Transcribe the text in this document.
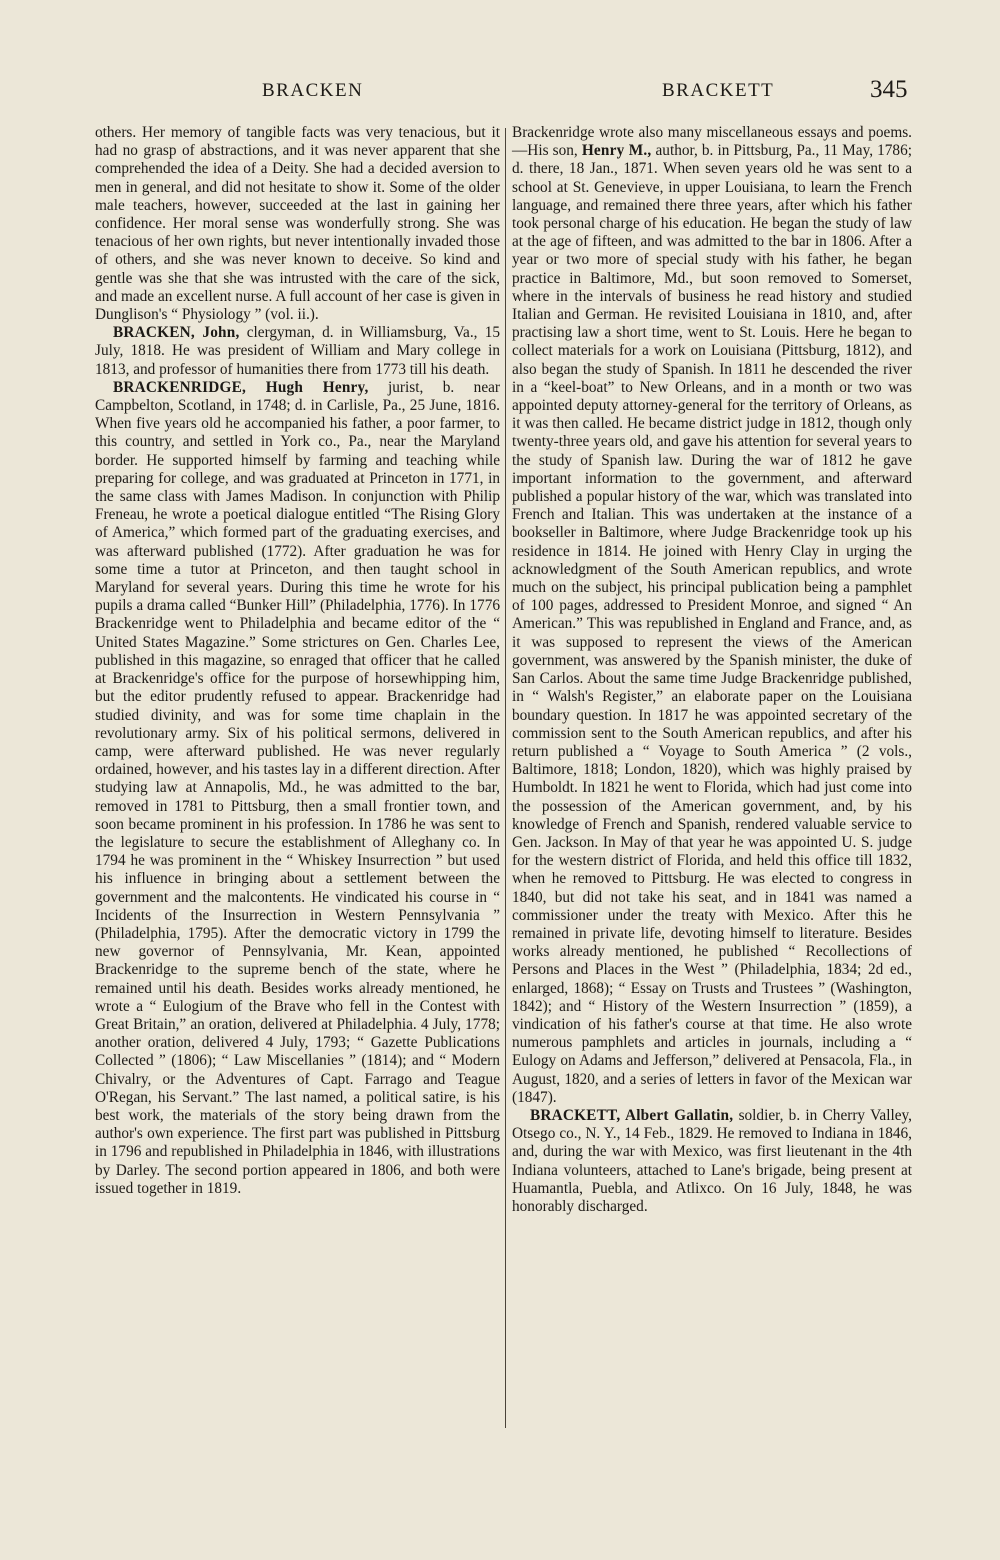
BRACKEN	BRACKETT	345

others. Her memory of tangible facts was very tenacious, but it had no grasp of abstractions, and it was never apparent that she comprehended the idea of a Deity. She had a decided aversion to men in general, and did not hesitate to show it. Some of the older male teachers, however, succeeded at the last in gaining her confidence. Her moral sense was wonderfully strong. She was tenacious of her own rights, but never intentionally invaded those of others, and she was never known to deceive. So kind and gentle was she that she was intrusted with the care of the sick, and made an excellent nurse. A full account of her case is given in Dunglison's “ Physiology ” (vol. ii.).

BRACKEN, John, clergyman, d. in Williamsburg, Va., 15 July, 1818. He was president of William and Mary college in 1813, and professor of humanities there from 1773 till his death.

BRACKENRIDGE, Hugh Henry, jurist, b. near Campbelton, Scotland, in 1748; d. in Carlisle, Pa., 25 June, 1816. When five years old he accompanied his father, a poor farmer, to this country, and settled in York co., Pa., near the Maryland border. He supported himself by farming and teaching while preparing for college, and was graduated at Princeton in 1771, in the same class with James Madison. In conjunction with Philip Freneau, he wrote a poetical dialogue entitled “The Rising Glory of America,” which formed part of the graduating exercises, and was afterward published (1772). After graduation he was for some time a tutor at Princeton, and then taught school in Maryland for several years. During this time he wrote for his pupils a drama called “Bunker Hill” (Philadelphia, 1776). In 1776 Brackenridge went to Philadelphia and became editor of the “ United States Magazine.” Some strictures on Gen. Charles Lee, published in this magazine, so enraged that officer that he called at Brackenridge's office for the purpose of horsewhipping him, but the editor prudently refused to appear. Brackenridge had studied divinity, and was for some time chaplain in the revolutionary army. Six of his political sermons, delivered in camp, were afterward published. He was never regularly ordained, however, and his tastes lay in a different direction. After studying law at Annapolis, Md., he was admitted to the bar, removed in 1781 to Pittsburg, then a small frontier town, and soon became prominent in his profession. In 1786 he was sent to the legislature to secure the establishment of Alleghany co. In 1794 he was prominent in the “ Whiskey Insurrection ” but used his influence in bringing about a settlement between the government and the malcontents. He vindicated his course in “ Incidents of the Insurrection in Western Pennsylvania ” (Philadelphia, 1795). After the democratic victory in 1799 the new governor of Pennsylvania, Mr. Kean, appointed Brackenridge to the supreme bench of the state, where he remained until his death. Besides works already mentioned, he wrote a “ Eulogium of the Brave who fell in the Contest with Great Britain,” an oration, delivered at Philadelphia. 4 July, 1778; another oration, delivered 4 July, 1793; “ Gazette Publications Collected ” (1806); “ Law Miscellanies ” (1814); and “ Modern Chivalry, or the Adventures of Capt. Farrago and Teague O'Regan, his Servant.” The last named, a political satire, is his best work, the materials of the story being drawn from the author's own experience. The first part was published in Pittsburg in 1796 and republished in Philadelphia in 1846, with illustrations by Darley. The second portion appeared in 1806, and both were issued together in 1819.

Brackenridge wrote also many miscellaneous essays and poems.—His son, Henry M., author, b. in Pittsburg, Pa., 11 May, 1786; d. there, 18 Jan., 1871. When seven years old he was sent to a school at St. Genevieve, in upper Louisiana, to learn the French language, and remained there three years, after which his father took personal charge of his education. He began the study of law at the age of fifteen, and was admitted to the bar in 1806. After a year or two more of special study with his father, he began practice in Baltimore, Md., but soon removed to Somerset, where in the intervals of business he read history and studied Italian and German. He revisited Louisiana in 1810, and, after practising law a short time, went to St. Louis. Here he began to collect materials for a work on Louisiana (Pittsburg, 1812), and also began the study of Spanish. In 1811 he descended the river in a “keel-boat” to New Orleans, and in a month or two was appointed deputy attorney-general for the territory of Orleans, as it was then called. He became district judge in 1812, though only twenty-three years old, and gave his attention for several years to the study of Spanish law. During the war of 1812 he gave important information to the government, and afterward published a popular history of the war, which was translated into French and Italian. This was undertaken at the instance of a bookseller in Baltimore, where Judge Brackenridge took up his residence in 1814. He joined with Henry Clay in urging the acknowledgment of the South American republics, and wrote much on the subject, his principal publication being a pamphlet of 100 pages, addressed to President Monroe, and signed “ An American.” This was republished in England and France, and, as it was supposed to represent the views of the American government, was answered by the Spanish minister, the duke of San Carlos. About the same time Judge Brackenridge published, in “ Walsh's Register,” an elaborate paper on the Louisiana boundary question. In 1817 he was appointed secretary of the commission sent to the South American republics, and after his return published a “ Voyage to South America ” (2 vols., Baltimore, 1818; London, 1820), which was highly praised by Humboldt. In 1821 he went to Florida, which had just come into the possession of the American government, and, by his knowledge of French and Spanish, rendered valuable service to Gen. Jackson. In May of that year he was appointed U. S. judge for the western district of Florida, and held this office till 1832, when he removed to Pittsburg. He was elected to congress in 1840, but did not take his seat, and in 1841 was named a commissioner under the treaty with Mexico. After this he remained in private life, devoting himself to literature. Besides works already mentioned, he published “ Recollections of Persons and Places in the West ” (Philadelphia, 1834; 2d ed., enlarged, 1868); “ Essay on Trusts and Trustees ” (Washington, 1842); and “ History of the Western Insurrection ” (1859), a vindication of his father's course at that time. He also wrote numerous pamphlets and articles in journals, including a “ Eulogy on Adams and Jefferson,” delivered at Pensacola, Fla., in August, 1820, and a series of letters in favor of the Mexican war (1847).

BRACKETT, Albert Gallatin, soldier, b. in Cherry Valley, Otsego co., N. Y., 14 Feb., 1829. He removed to Indiana in 1846, and, during the war with Mexico, was first lieutenant in the 4th Indiana volunteers, attached to Lane's brigade, being present at Huamantla, Puebla, and Atlixco. On 16 July, 1848, he was honorably discharged.
